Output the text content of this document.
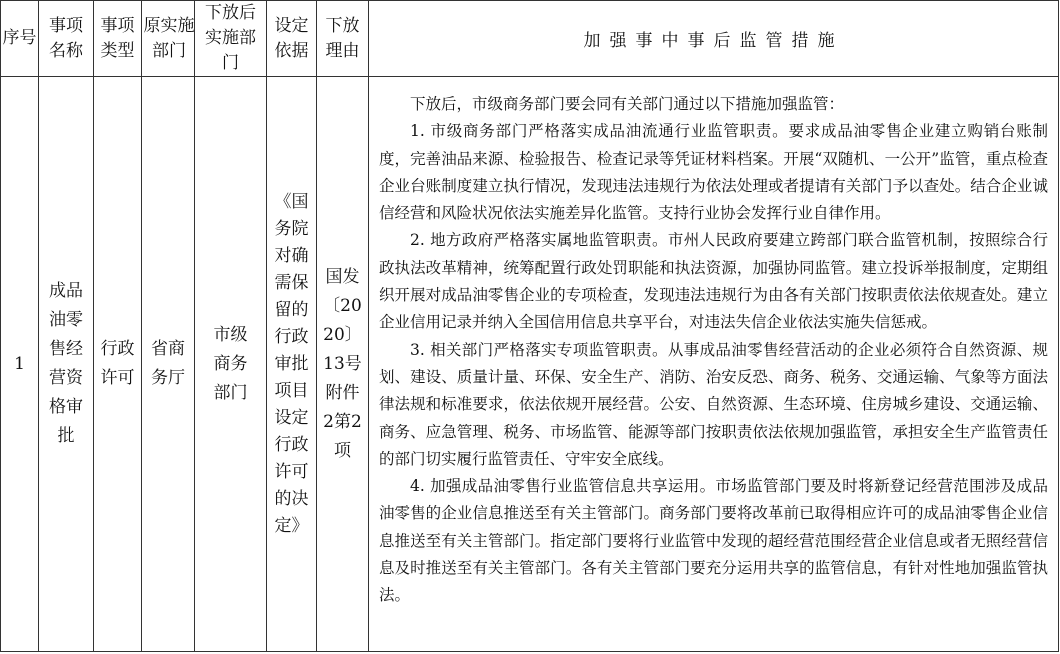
序号	事项名称	事项类型	原实施部门	下放后实施部门	设定依据	下放理由	加强事中事后监管措施
1	成品油零售经营资格审批	行政许可	省商务厅	市级商务部门	《国务院对确需保留的行政审批项目设定行政许可的决定》	国发〔2020〕13号附件2第2项	下放后，市级商务部门要会同有关部门通过以下措施加强监管：

1. 市级商务部门严格落实成品油流通行业监管职责。要求成品油零售企业建立购销台账制度，完善油品来源、检验报告、检查记录等凭证材料档案。开展“双随机、一公开”监管，重点检查企业台账制度建立执行情况，发现违法违规行为依法处理或者提请有关部门予以查处。结合企业诚信经营和风险状况依法实施差异化监管。支持行业协会发挥行业自律作用。

2. 地方政府严格落实属地监管职责。市州人民政府要建立跨部门联合监管机制，按照综合行政执法改革精神，统筹配置行政处罚职能和执法资源，加强协同监管。建立投诉举报制度，定期组织开展对成品油零售企业的专项检查，发现违法违规行为由各有关部门按职责依法依规查处。建立企业信用记录并纳入全国信用信息共享平台，对违法失信企业依法实施失信惩戒。

3. 相关部门严格落实专项监管职责。从事成品油零售经营活动的企业必须符合自然资源、规划、建设、质量计量、环保、安全生产、消防、治安反恐、商务、税务、交通运输、气象等方面法律法规和标准要求，依法依规开展经营。公安、自然资源、生态环境、住房城乡建设、交通运输、商务、应急管理、税务、市场监管、能源等部门按职责依法依规加强监管，承担安全生产监管责任的部门切实履行监管责任、守牢安全底线。

4. 加强成品油零售行业监管信息共享运用。市场监管部门要及时将新登记经营范围涉及成品油零售的企业信息推送至有关主管部门。商务部门要将改革前已取得相应许可的成品油零售企业信息推送至有关主管部门。指定部门要将行业监管中发现的超经营范围经营企业信息或者无照经营信息及时推送至有关主管部门。各有关主管部门要充分运用共享的监管信息，有针对性地加强监管执法。
